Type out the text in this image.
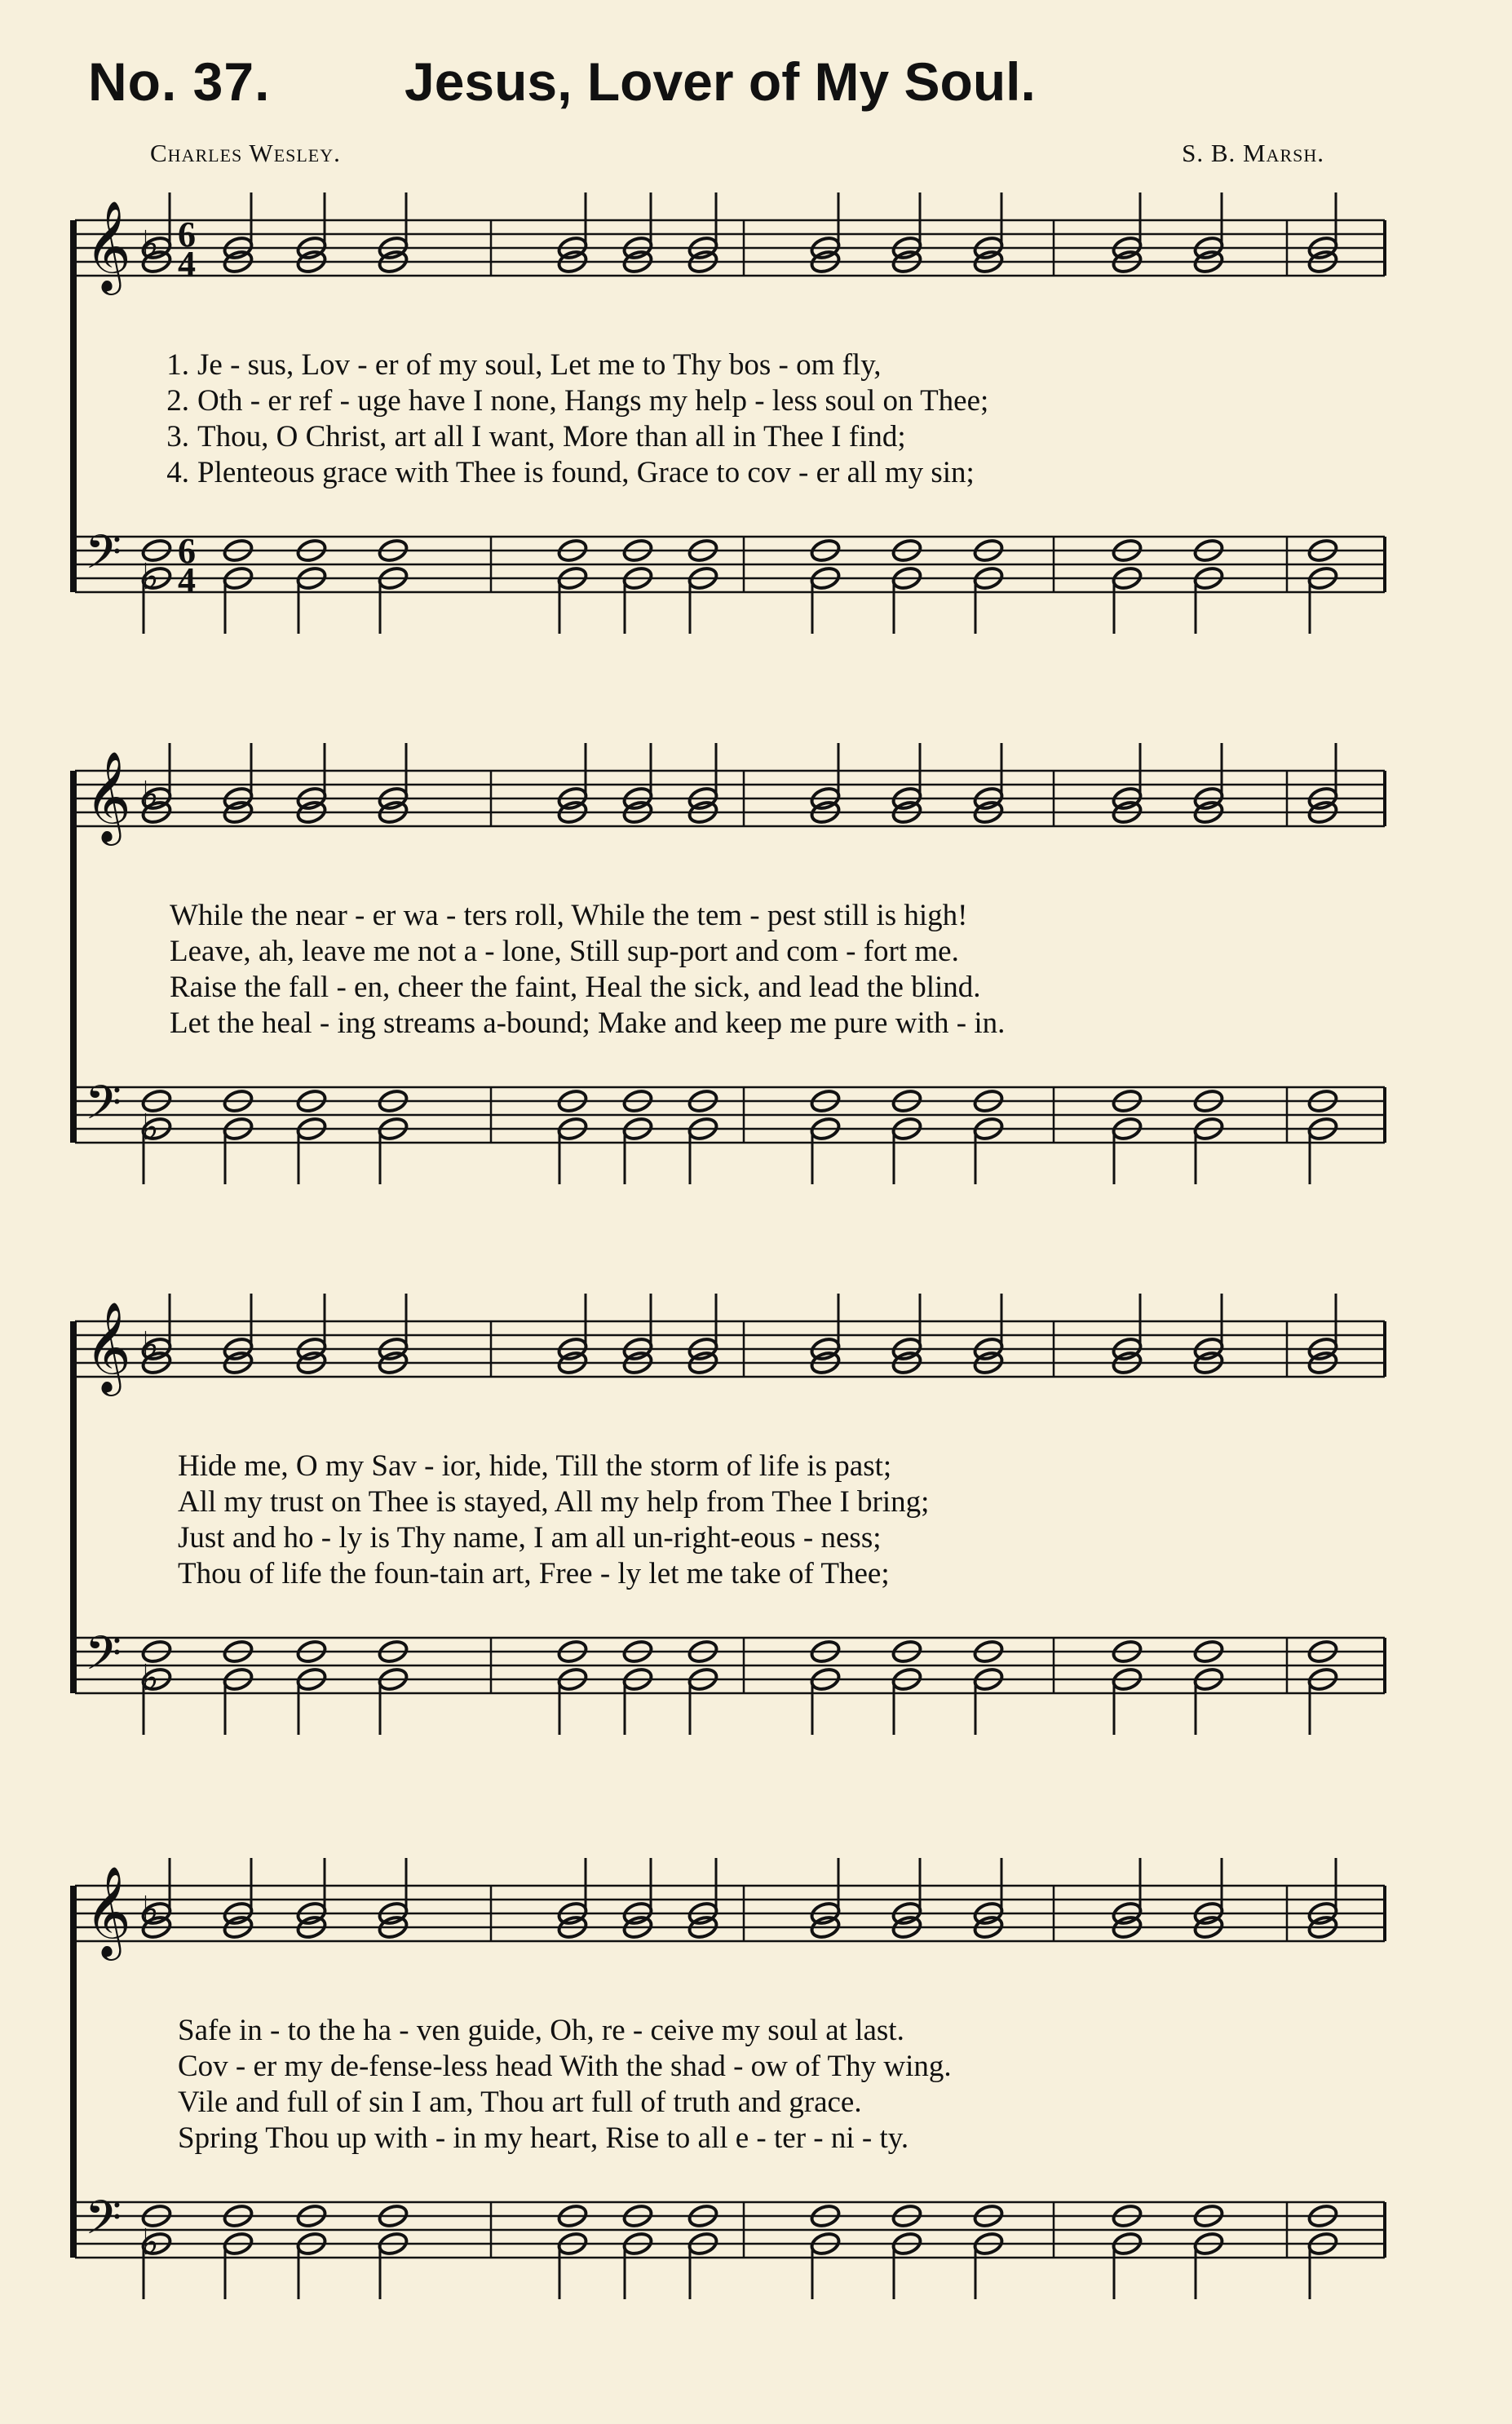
No. 37. Jesus, Lover of My Soul.
Charles Wesley.	S. B. Marsh.
𝄞 ♭
𝄢 ♭
6
4
6
4
1. Je - sus, Lov - er of my soul, Let me to Thy bos - om fly,
2. Oth - er ref - uge have I none, Hangs my help - less soul on Thee;
3. Thou, O Christ, art all I want, More than all in Thee I find;
4. Plenteous grace with Thee is found, Grace to cov - er all my sin;
𝄞 ♭
𝄢 ♭
While the near - er wa - ters roll, While the tem - pest still is high!
Leave, ah, leave me not a - lone, Still sup-port and com - fort me.
Raise the fall - en, cheer the faint, Heal the sick, and lead the blind.
Let the heal - ing streams a-bound; Make and keep me pure with - in.
𝄞 ♭
𝄢 ♭
Hide me, O my Sav - ior, hide, Till the storm of life is past;
All my trust on Thee is stayed, All my help from Thee I bring;
Just and ho - ly is Thy name, I am all un-right-eous - ness;
Thou of life the foun-tain art, Free - ly let me take of Thee;
𝄞 ♭
𝄢 ♭
Safe in - to the ha - ven guide, Oh, re - ceive my soul at last.
Cov - er my de-fense-less head With the shad - ow of Thy wing.
Vile and full of sin I am, Thou art full of truth and grace.
Spring Thou up with - in my heart, Rise to all e - ter - ni - ty.
